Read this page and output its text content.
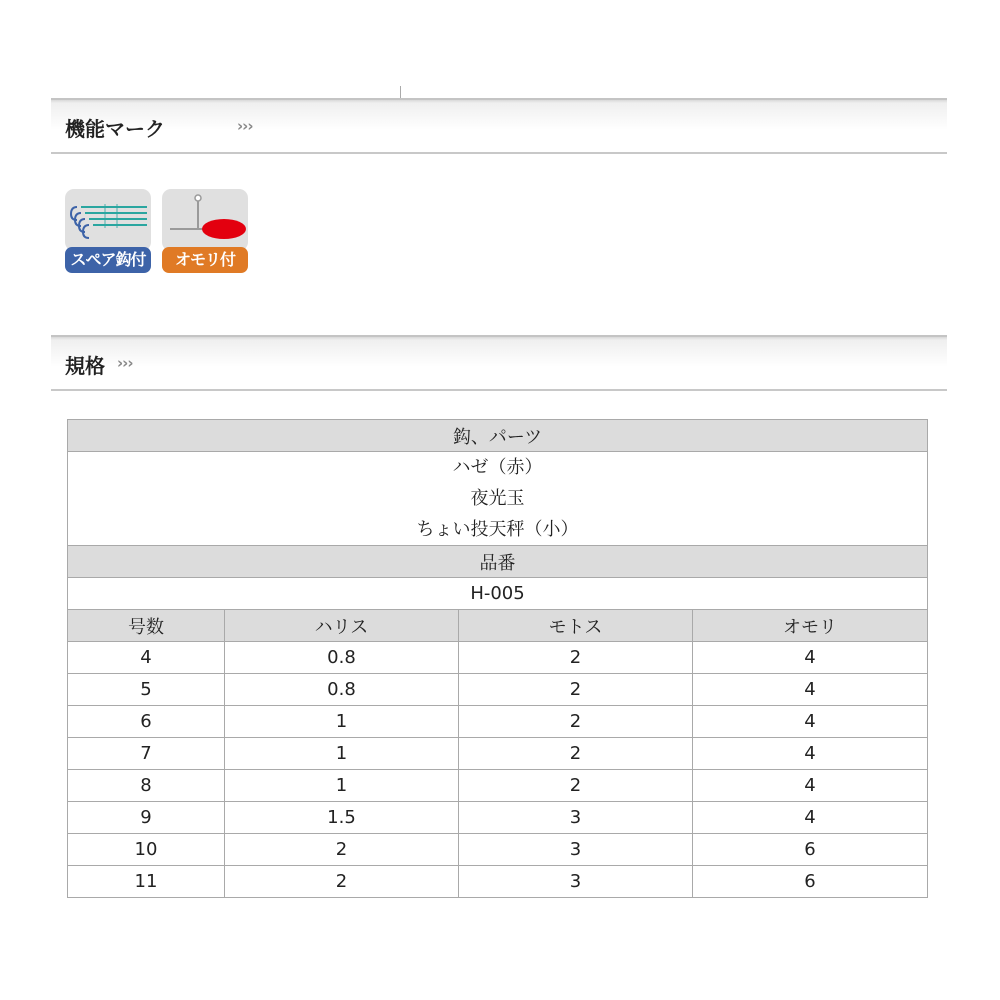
機能マーク	›››
スペア鈎付	オモリ付
規格 ›››
鈎、パーツ			

ハゼ（赤）
夜光玉
ちょい投天秤（小）			

品番			
H-005			
号数	ハリス	モトス	オモリ
4	0.8	2	4
5	0.8	2	4
6	1	2	4
7	1	2	4
8	1	2	4
9	1.5	3	4
10	2	3	6
11	2	3	6
